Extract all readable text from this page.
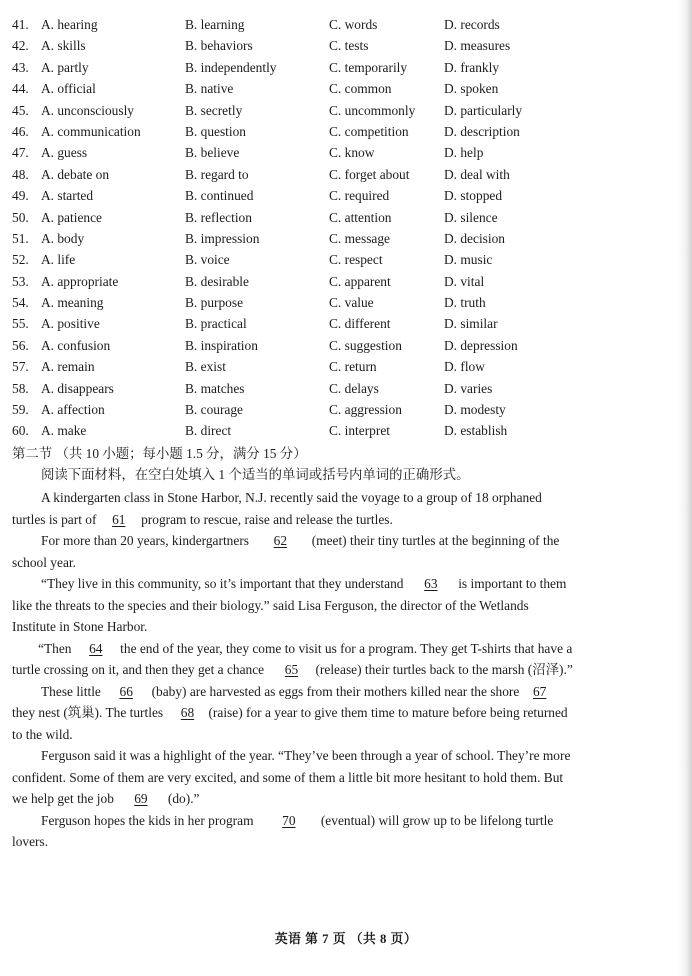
41. A. hearing	B. learning	C. words	D. records
42. A. skills	B. behaviors	C. tests	D. measures
43. A. partly	B. independently	C. temporarily	D. frankly
44. A. official	B. native	C. common	D. spoken
45. A. unconsciously	B. secretly	C. uncommonly D. particularly
46. A. communication	B. question	C. competition	D. description
47. A. guess	B. believe	C. know	D. help
48. A. debate on	B. regard to	C. forget about	D. deal with
49. A. started	B. continued	C. required	D. stopped
50. A. patience	B. reflection	C. attention	D. silence
51. A. body	B. impression	C. message	D. decision
52. A. life	B. voice	C. respect	D. music
53. A. appropriate	B. desirable	C. apparent	D. vital
54. A. meaning	B. purpose	C. value	D. truth
55. A. positive	B. practical	C. different	D. similar
56. A. confusion	B. inspiration	C. suggestion	D. depression
57. A. remain	B. exist	C. return	D. flow
58. A. disappears	B. matches	C. delays	D. varies
59. A. affection	B. courage	C. aggression	D. modesty
60. A. make	B. direct	C. interpret	D. establish
第二节 （共 10 小题；每小题 1.5 分，满分 15 分）
阅读下面材料，在空白处填入 1 个适当的单词或括号内单词的正确形式。
A kindergarten class in Stone Harbor, N.J. recently said the voyage to a group of 18 orphaned
turtles is part of 61 program to rescue, raise and release the turtles.
For more than 20 years, kindergartners 62 (meet) their tiny turtles at the beginning of the
school year.
“They live in this community, so it’s important that they understand 63 is important to them
like the threats to the species and their biology.” said Lisa Ferguson, the director of the Wetlands
Institute in Stone Harbor.
“Then 64 the end of the year, they come to visit us for a program. They get T-shirts that have a
turtle crossing on it, and then they get a chance 65 (release) their turtles back to the marsh (沼泽).”
These little 66 (baby) are harvested as eggs from their mothers killed near the shore 67
they nest (筑巢). The turtles 68 (raise) for a year to give them time to mature before being returned
to the wild.
Ferguson said it was a highlight of the year. “They’ve been through a year of school. They’re more
confident. Some of them are very excited, and some of them a little bit more hesitant to hold them. But
we help get the job 69 (do).”
Ferguson hopes the kids in her program 70 (eventual) will grow up to be lifelong turtle
lovers.
英语 第 7 页 （共 8 页）
